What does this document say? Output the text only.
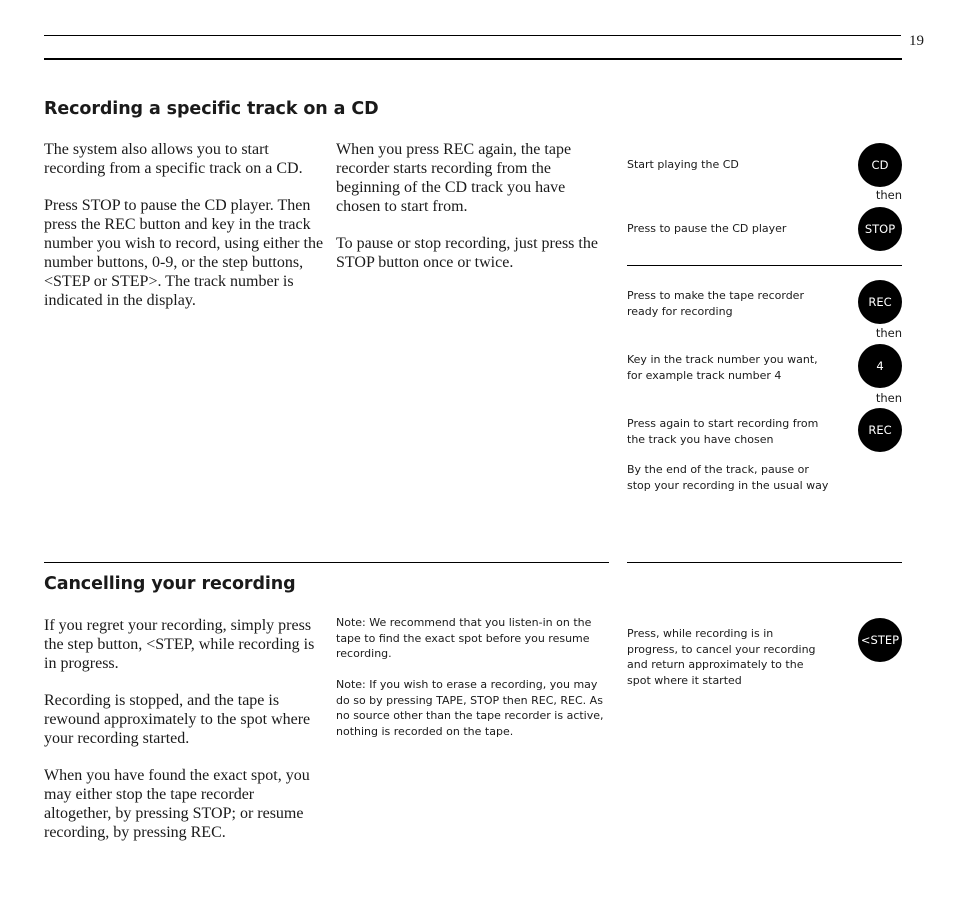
19
Recording a specific track on a CD

The system also allows you to start recording from a specific track on a CD.

Press STOP to pause the CD player. Then press the REC button and key in the track number you wish to record, using either the number buttons, 0-9, or the step buttons, <STEP or STEP>. The track number is indicated in the display.

When you press REC again, the tape recorder starts recording from the beginning of the CD track you have chosen to start from.

To pause or stop recording, just press the STOP button once or twice.

Start playing the CD	CD
then

Press to pause the CD player	STOP

Press to make the tape recorder ready for recording

REC
then

Key in the track number you want, for example track number 4

4
then

Press again to start recording from the track you have chosen

REC

By the end of the track, pause or stop your recording in the usual way

Cancelling your recording

If you regret your recording, simply press the step button, <STEP, while recording is in progress.

Recording is stopped, and the tape is rewound approximately to the spot where your recording started.

When you have found the exact spot, you may either stop the tape recorder altogether, by pressing STOP; or resume recording, by pressing REC.

Note: We recommend that you listen-in on the tape to find the exact spot before you resume recording.

Note: If you wish to erase a recording, you may do so by pressing TAPE, STOP then REC, REC. As no source other than the tape recorder is active, nothing is recorded on the tape.

Press, while recording is in progress, to cancel your recording and return approximately to the spot where it started

<STEP
